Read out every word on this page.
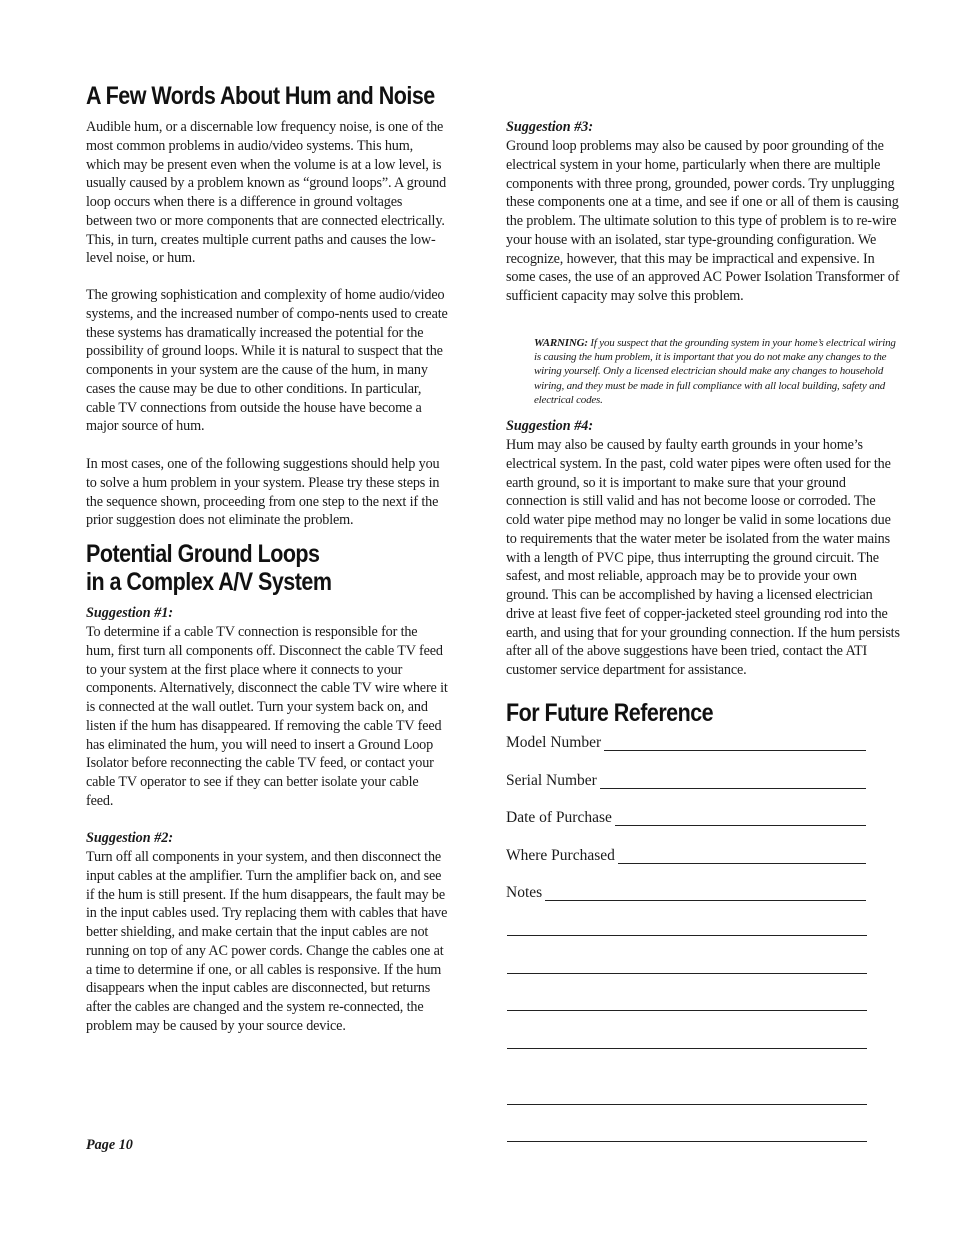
A Few Words About Hum and Noise

Audible hum, or a discernable low frequency noise, is one of the most common problems in audio/video systems. This hum, which may be present even when the volume is at a low level, is usually caused by a problem known as “ground loops”. A ground loop occurs when there is a difference in ground voltages between two or more components that are connected electrically. This, in turn, creates multiple current paths and causes the low-level noise, or hum.

The growing sophistication and complexity of home audio/video systems, and the increased number of compo-nents used to create these systems has dramatically increased the potential for the possibility of ground loops. While it is natural to suspect that the components in your system are the cause of the hum, in many cases the cause may be due to other conditions. In particular, cable TV connections from outside the house have become a major source of hum.

In most cases, one of the following suggestions should help you to solve a hum problem in your system. Please try these steps in the sequence shown, proceeding from one step to the next if the prior suggestion does not eliminate the problem.

Potential Ground Loops
in a Complex A/V System
Suggestion #1:

To determine if a cable TV connection is responsible for the hum, first turn all components off. Disconnect the cable TV feed to your system at the first place where it connects to your components. Alternatively, disconnect the cable TV wire where it is connected at the wall outlet. Turn your system back on, and listen if the hum has disappeared. If removing the cable TV feed has eliminated the hum, you will need to insert a Ground Loop Isolator before reconnecting the cable TV feed, or contact your cable TV operator to see if they can better isolate your cable feed.

Suggestion #2:

Turn off all components in your system, and then disconnect the input cables at the amplifier. Turn the amplifier back on, and see if the hum is still present. If the hum disappears, the fault may be in the input cables used. Try replacing them with cables that have better shielding, and make certain that the input cables are not running on top of any AC power cords. Change the cables one at a time to determine if one, or all cables is responsive. If the hum disappears when the input cables are disconnected, but returns after the cables are changed and the system re-connected, the problem may be caused by your source device.

Suggestion #3:

Ground loop problems may also be caused by poor grounding of the electrical system in your home, particularly when there are multiple components with three prong, grounded, power cords. Try unplugging these components one at a time, and see if one or all of them is causing the problem. The ultimate solution to this type of problem is to re-wire your house with an isolated, star type-grounding configuration. We recognize, however, that this may be impractical and expensive. In some cases, the use of an approved AC Power Isolation Transformer of sufficient capacity may solve this problem.

WARNING: If you suspect that the grounding system in your home’s electrical wiring is causing the hum problem, it is important that you do not make any changes to the wiring yourself. Only a licensed electrician should make any changes to household wiring, and they must be made in full compliance with all local building, safety and electrical codes.

Suggestion #4:

Hum may also be caused by faulty earth grounds in your home’s electrical system. In the past, cold water pipes were often used for the earth ground, so it is important to make sure that your ground connection is still valid and has not become loose or corroded. The cold water pipe method may no longer be valid in some locations due to requirements that the water meter be isolated from the water mains with a length of PVC pipe, thus interrupting the ground circuit. The safest, and most reliable, approach may be to provide your own ground. This can be accomplished by having a licensed electrician drive at least five feet of copper-jacketed steel grounding rod into the earth, and using that for your grounding connection. If the hum persists after all of the above suggestions have been tried, contact the ATI customer service department for assistance.

For Future Reference
Model Number
Serial Number
Date of Purchase
Where Purchased
Notes
Page 10
